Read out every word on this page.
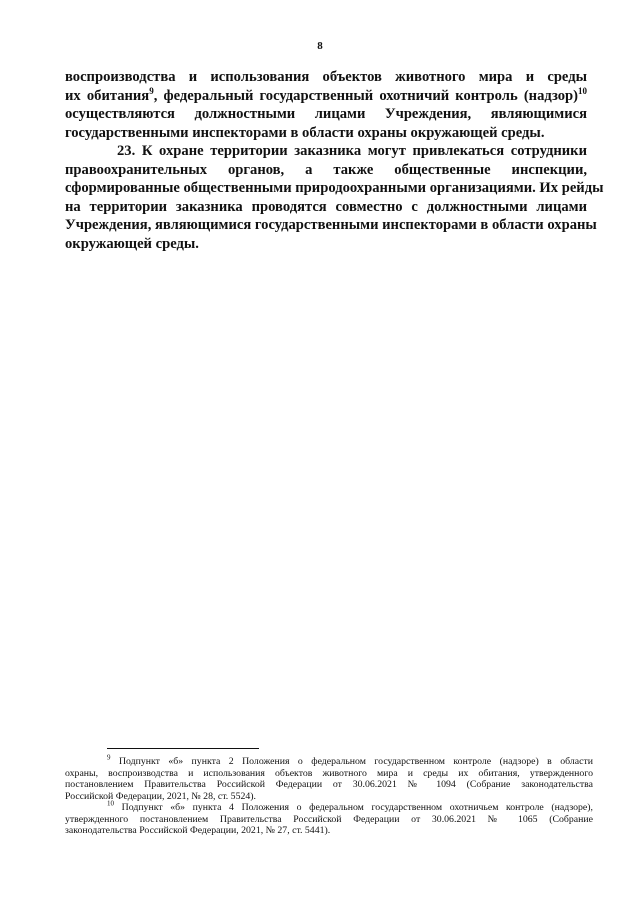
8
воспроизводства и использования объектов животного мира и среды
их обитания$^9$, федеральный государственный охотничий контроль (надзор)$^{10}$
осуществляются должностными лицами Учреждения, являющимися
государственными инспекторами в области охраны окружающей среды.
23. К охране территории заказника могут привлекаться сотрудники
правоохранительных органов, а также общественные инспекции,
сформированные общественными природоохранными организациями. Их рейды
на территории заказника проводятся совместно с должностными лицами
Учреждения, являющимися государственными инспекторами в области охраны
окружающей среды.
$^9$ Подпункт «б» пункта 2 Положения о федеральном государственном контроле (надзоре) в области
охраны, воспроизводства и использования объектов животного мира и среды их обитания, утвержденного
постановлением Правительства Российской Федерации от 30.06.2021 № 1094 (Собрание законодательства
Российской Федерации, 2021, № 28, ст. 5524).
$^{10}$ Подпункт «б» пункта 4 Положения о федеральном государственном охотничьем контроле (надзоре),
утвержденного постановлением Правительства Российской Федерации от 30.06.2021 № 1065 (Собрание
законодательства Российской Федерации, 2021, № 27, ст. 5441).
